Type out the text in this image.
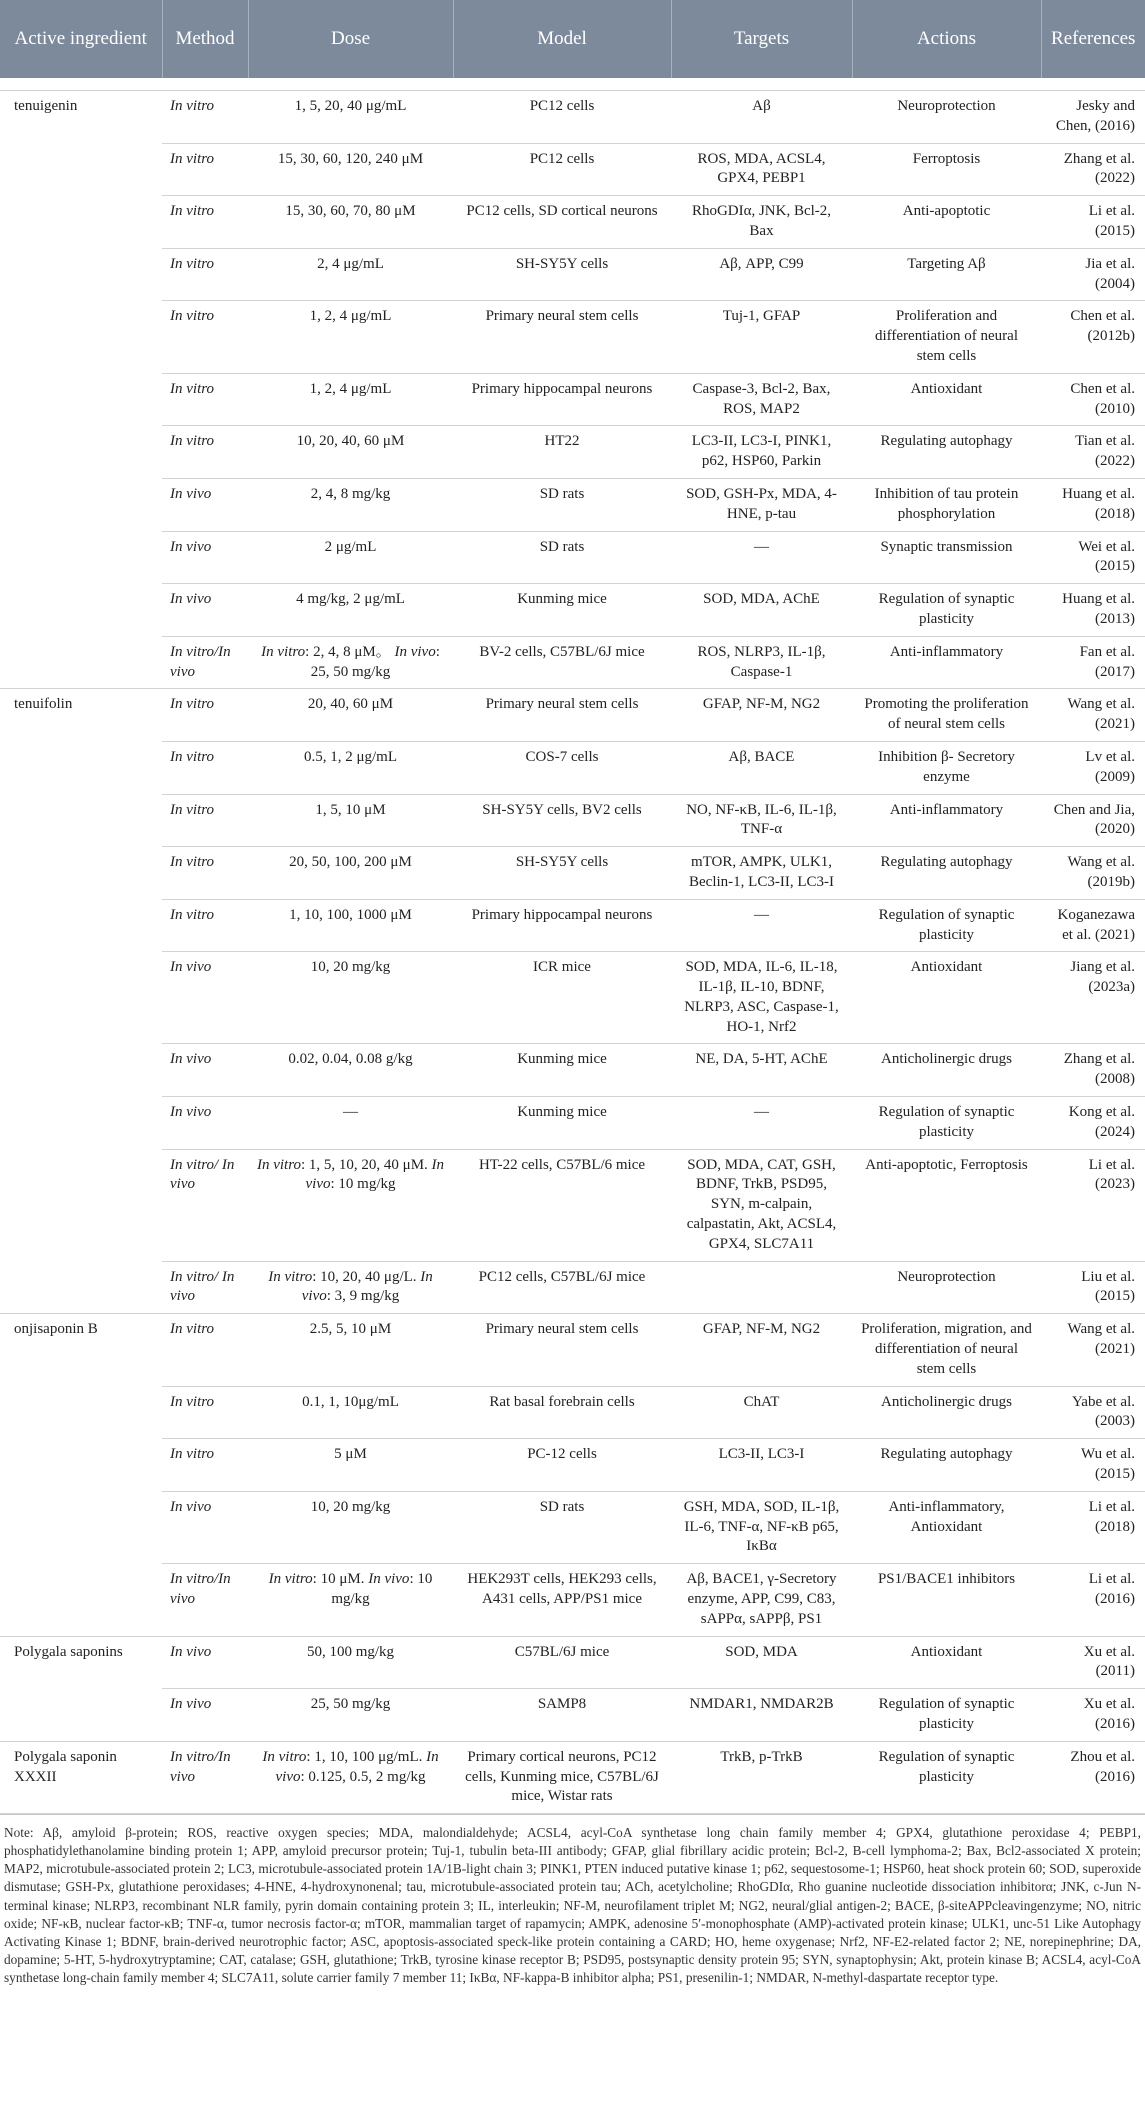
Active ingredient	Method	Dose	Model	Targets	Actions	References

tenuigenin	In vitro	1, 5, 20, 40 μg/mL	PC12 cells	Aβ	Neuroprotection	Jesky and Chen, (2016)
	In vitro	15, 30, 60, 120, 240 μM	PC12 cells	ROS, MDA, ACSL4, GPX4, PEBP1	Ferroptosis	Zhang et al. (2022)
	In vitro	15, 30, 60, 70, 80 μM	PC12 cells, SD cortical neurons	RhoGDIα, JNK, Bcl-2, Bax	Anti-apoptotic	Li et al. (2015)
	In vitro	2, 4 μg/mL	SH-SY5Y cells	Aβ, APP, C99	Targeting Aβ	Jia et al. (2004)
	In vitro	1, 2, 4 μg/mL	Primary neural stem cells	Tuj-1, GFAP	Proliferation and differentiation of neural stem cells	Chen et al. (2012b)
	In vitro	1, 2, 4 μg/mL	Primary hippocampal neurons	Caspase-3, Bcl-2, Bax, ROS, MAP2	Antioxidant	Chen et al. (2010)
	In vitro	10, 20, 40, 60 μM	HT22	LC3-II, LC3-I, PINK1, p62, HSP60, Parkin	Regulating autophagy	Tian et al. (2022)
	In vivo	2, 4, 8 mg/kg	SD rats	SOD, GSH-Px, MDA, 4-HNE, p-tau	Inhibition of tau protein phosphorylation	Huang et al. (2018)
	In vivo	2 μg/mL	SD rats	—	Synaptic transmission	Wei et al. (2015)
	In vivo	4 mg/kg, 2 μg/mL	Kunming mice	SOD, MDA, AChE	Regulation of synaptic plasticity	Huang et al. (2013)
	In vitro/In vivo	In vitro: 2, 4, 8 μM。 In vivo: 25, 50 mg/kg	BV-2 cells, C57BL/6J mice	ROS, NLRP3, IL-1β, Caspase-1	Anti-inflammatory	Fan et al. (2017)
tenuifolin	In vitro	20, 40, 60 μM	Primary neural stem cells	GFAP, NF-M, NG2	Promoting the proliferation of neural stem cells	Wang et al. (2021)
	In vitro	0.5, 1, 2 μg/mL	COS-7 cells	Aβ, BACE	Inhibition β- Secretory enzyme	Lv et al. (2009)
	In vitro	1, 5, 10 μM	SH-SY5Y cells, BV2 cells	NO, NF-κB, IL-6, IL-1β, TNF-α	Anti-inflammatory	Chen and Jia, (2020)
	In vitro	20, 50, 100, 200 μM	SH-SY5Y cells	mTOR, AMPK, ULK1, Beclin-1, LC3-II, LC3-I	Regulating autophagy	Wang et al. (2019b)
	In vitro	1, 10, 100, 1000 μM	Primary hippocampal neurons	—	Regulation of synaptic plasticity	Koganezawa et al. (2021)
	In vivo	10, 20 mg/kg	ICR mice	SOD, MDA, IL-6, IL-18, IL-1β, IL-10, BDNF, NLRP3, ASC, Caspase-1, HO-1, Nrf2	Antioxidant	Jiang et al. (2023a)
	In vivo	0.02, 0.04, 0.08 g/kg	Kunming mice	NE, DA, 5-HT, AChE	Anticholinergic drugs	Zhang et al. (2008)
	In vivo	—	Kunming mice	—	Regulation of synaptic plasticity	Kong et al. (2024)
	In vitro/ In vivo	In vitro: 1, 5, 10, 20, 40 μM. In vivo: 10 mg/kg	HT-22 cells, C57BL/6 mice	SOD, MDA, CAT, GSH, BDNF, TrkB, PSD95, SYN, m-calpain, calpastatin, Akt, ACSL4, GPX4, SLC7A11	Anti-apoptotic, Ferroptosis	Li et al. (2023)
	In vitro/ In vivo	In vitro: 10, 20, 40 μg/L. In vivo: 3, 9 mg/kg	PC12 cells, C57BL/6J mice		Neuroprotection	Liu et al. (2015)
onjisaponin B	In vitro	2.5, 5, 10 μM	Primary neural stem cells	GFAP, NF-M, NG2	Proliferation, migration, and differentiation of neural stem cells	Wang et al. (2021)
	In vitro	0.1, 1, 10μg/mL	Rat basal forebrain cells	ChAT	Anticholinergic drugs	Yabe et al. (2003)
	In vitro	5 μM	PC-12 cells	LC3-II, LC3-I	Regulating autophagy	Wu et al. (2015)
	In vivo	10, 20 mg/kg	SD rats	GSH, MDA, SOD, IL-1β, IL-6, TNF-α, NF-κB p65, IκBα	Anti-inflammatory, Antioxidant	Li et al. (2018)
	In vitro/In vivo	In vitro: 10 μM. In vivo: 10 mg/kg	HEK293T cells, HEK293 cells, A431 cells, APP/PS1 mice	Aβ, BACE1, γ-Secretory enzyme, APP, C99, C83, sAPPα, sAPPβ, PS1	PS1/BACE1 inhibitors	Li et al. (2016)
Polygala saponins	In vivo	50, 100 mg/kg	C57BL/6J mice	SOD, MDA	Antioxidant	Xu et al. (2011)
	In vivo	25, 50 mg/kg	SAMP8	NMDAR1, NMDAR2B	Regulation of synaptic plasticity	Xu et al. (2016)
Polygala saponin XXXII	In vitro/In vivo	In vitro: 1, 10, 100 μg/mL. In vivo: 0.125, 0.5, 2 mg/kg	Primary cortical neurons, PC12 cells, Kunming mice, C57BL/6J mice, Wistar rats	TrkB, p-TrkB	Regulation of synaptic plasticity	Zhou et al. (2016)
Note: Aβ, amyloid β-protein; ROS, reactive oxygen species; MDA, malondialdehyde; ACSL4, acyl-CoA synthetase long chain family member 4; GPX4, glutathione peroxidase 4; PEBP1, phosphatidylethanolamine binding protein 1; APP, amyloid precursor protein; Tuj-1, tubulin beta-III antibody; GFAP, glial fibrillary acidic protein; Bcl-2, B-cell lymphoma-2; Bax, Bcl2-associated X protein; MAP2, microtubule-associated protein 2; LC3, microtubule-associated protein 1A/1B-light chain 3; PINK1, PTEN induced putative kinase 1; p62, sequestosome-1; HSP60, heat shock protein 60; SOD, superoxide dismutase; GSH-Px, glutathione peroxidases; 4-HNE, 4-hydroxynonenal; tau, microtubule-associated protein tau; ACh, acetylcholine; RhoGDIα, Rho guanine nucleotide dissociation inhibitorα; JNK, c-Jun N-terminal kinase; NLRP3, recombinant NLR family, pyrin domain containing protein 3; IL, interleukin; NF-M, neurofilament triplet M; NG2, neural/glial antigen-2; BACE, β-siteAPPcleavingenzyme; NO, nitric oxide; NF-κB, nuclear factor-κB; TNF-α, tumor necrosis factor-α; mTOR, mammalian target of rapamycin; AMPK, adenosine 5′-monophosphate (AMP)-activated protein kinase; ULK1, unc-51 Like Autophagy Activating Kinase 1; BDNF, brain-derived neurotrophic factor; ASC, apoptosis-associated speck-like protein containing a CARD; HO, heme oxygenase; Nrf2, NF-E2-related factor 2; NE, norepinephrine; DA, dopamine; 5-HT, 5-hydroxytryptamine; CAT, catalase; GSH, glutathione; TrkB, tyrosine kinase receptor B; PSD95, postsynaptic density protein 95; SYN, synaptophysin; Akt, protein kinase B; ACSL4, acyl-CoA synthetase long-chain family member 4; SLC7A11, solute carrier family 7 member 11; IκBα, NF-kappa-B inhibitor alpha; PS1, presenilin-1; NMDAR, N-methyl-daspartate receptor type.
